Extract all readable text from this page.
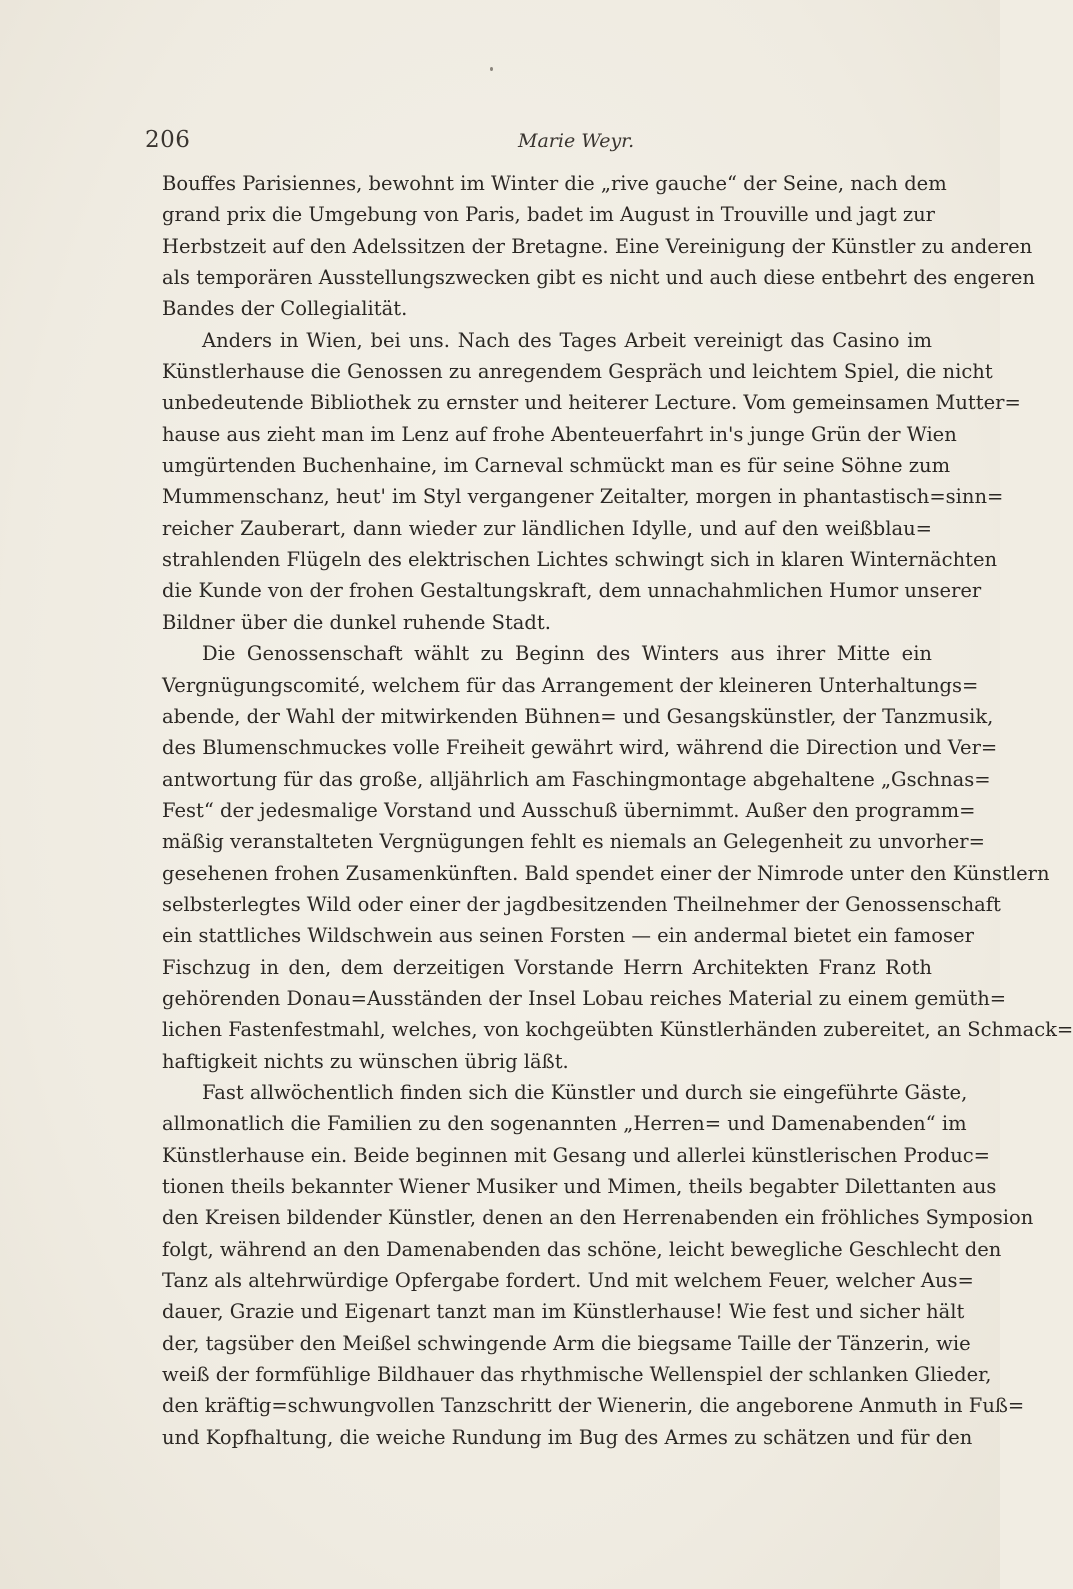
206	Marie Weyr.
Bouffes Parisiennes, bewohnt im Winter die „rive gauche“ der Seine, nach dem
grand prix die Umgebung von Paris, badet im August in Trouville und jagt zur
Herbstzeit auf den Adelssitzen der Bretagne. Eine Vereinigung der Künstler zu anderen
als temporären Ausstellungszwecken gibt es nicht und auch diese entbehrt des engeren
Bandes der Collegialität.
Anders in Wien, bei uns. Nach des Tages Arbeit vereinigt das Casino im
Künstlerhause die Genossen zu anregendem Gespräch und leichtem Spiel, die nicht
unbedeutende Bibliothek zu ernster und heiterer Lecture. Vom gemeinsamen Mutter=
hause aus zieht man im Lenz auf frohe Abenteuerfahrt in's junge Grün der Wien
umgürtenden Buchenhaine, im Carneval schmückt man es für seine Söhne zum
Mummenschanz, heut' im Styl vergangener Zeitalter, morgen in phantastisch=sinn=
reicher Zauberart, dann wieder zur ländlichen Idylle, und auf den weißblau=
strahlenden Flügeln des elektrischen Lichtes schwingt sich in klaren Winternächten
die Kunde von der frohen Gestaltungskraft, dem unnachahmlichen Humor unserer
Bildner über die dunkel ruhende Stadt.
Die Genossenschaft wählt zu Beginn des Winters aus ihrer Mitte ein
Vergnügungscomité, welchem für das Arrangement der kleineren Unterhaltungs=
abende, der Wahl der mitwirkenden Bühnen= und Gesangskünstler, der Tanzmusik,
des Blumenschmuckes volle Freiheit gewährt wird, während die Direction und Ver=
antwortung für das große, alljährlich am Faschingmontage abgehaltene „Gschnas=
Fest“ der jedesmalige Vorstand und Ausschuß übernimmt. Außer den programm=
mäßig veranstalteten Vergnügungen fehlt es niemals an Gelegenheit zu unvorher=
gesehenen frohen Zusamenkünften. Bald spendet einer der Nimrode unter den Künstlern
selbsterlegtes Wild oder einer der jagdbesitzenden Theilnehmer der Genossenschaft
ein stattliches Wildschwein aus seinen Forsten — ein andermal bietet ein famoser
Fischzug in den, dem derzeitigen Vorstande Herrn Architekten Franz Roth
gehörenden Donau=Ausständen der Insel Lobau reiches Material zu einem gemüth=
lichen Fastenfestmahl, welches, von kochgeübten Künstlerhänden zubereitet, an Schmack=
haftigkeit nichts zu wünschen übrig läßt.
Fast allwöchentlich finden sich die Künstler und durch sie eingeführte Gäste,
allmonatlich die Familien zu den sogenannten „Herren= und Damenabenden“ im
Künstlerhause ein. Beide beginnen mit Gesang und allerlei künstlerischen Produc=
tionen theils bekannter Wiener Musiker und Mimen, theils begabter Dilettanten aus
den Kreisen bildender Künstler, denen an den Herrenabenden ein fröhliches Symposion
folgt, während an den Damenabenden das schöne, leicht bewegliche Geschlecht den
Tanz als altehrwürdige Opfergabe fordert. Und mit welchem Feuer, welcher Aus=
dauer, Grazie und Eigenart tanzt man im Künstlerhause! Wie fest und sicher hält
der, tagsüber den Meißel schwingende Arm die biegsame Taille der Tänzerin, wie
weiß der formfühlige Bildhauer das rhythmische Wellenspiel der schlanken Glieder,
den kräftig=schwungvollen Tanzschritt der Wienerin, die angeborene Anmuth in Fuß=
und Kopfhaltung, die weiche Rundung im Bug des Armes zu schätzen und für den
